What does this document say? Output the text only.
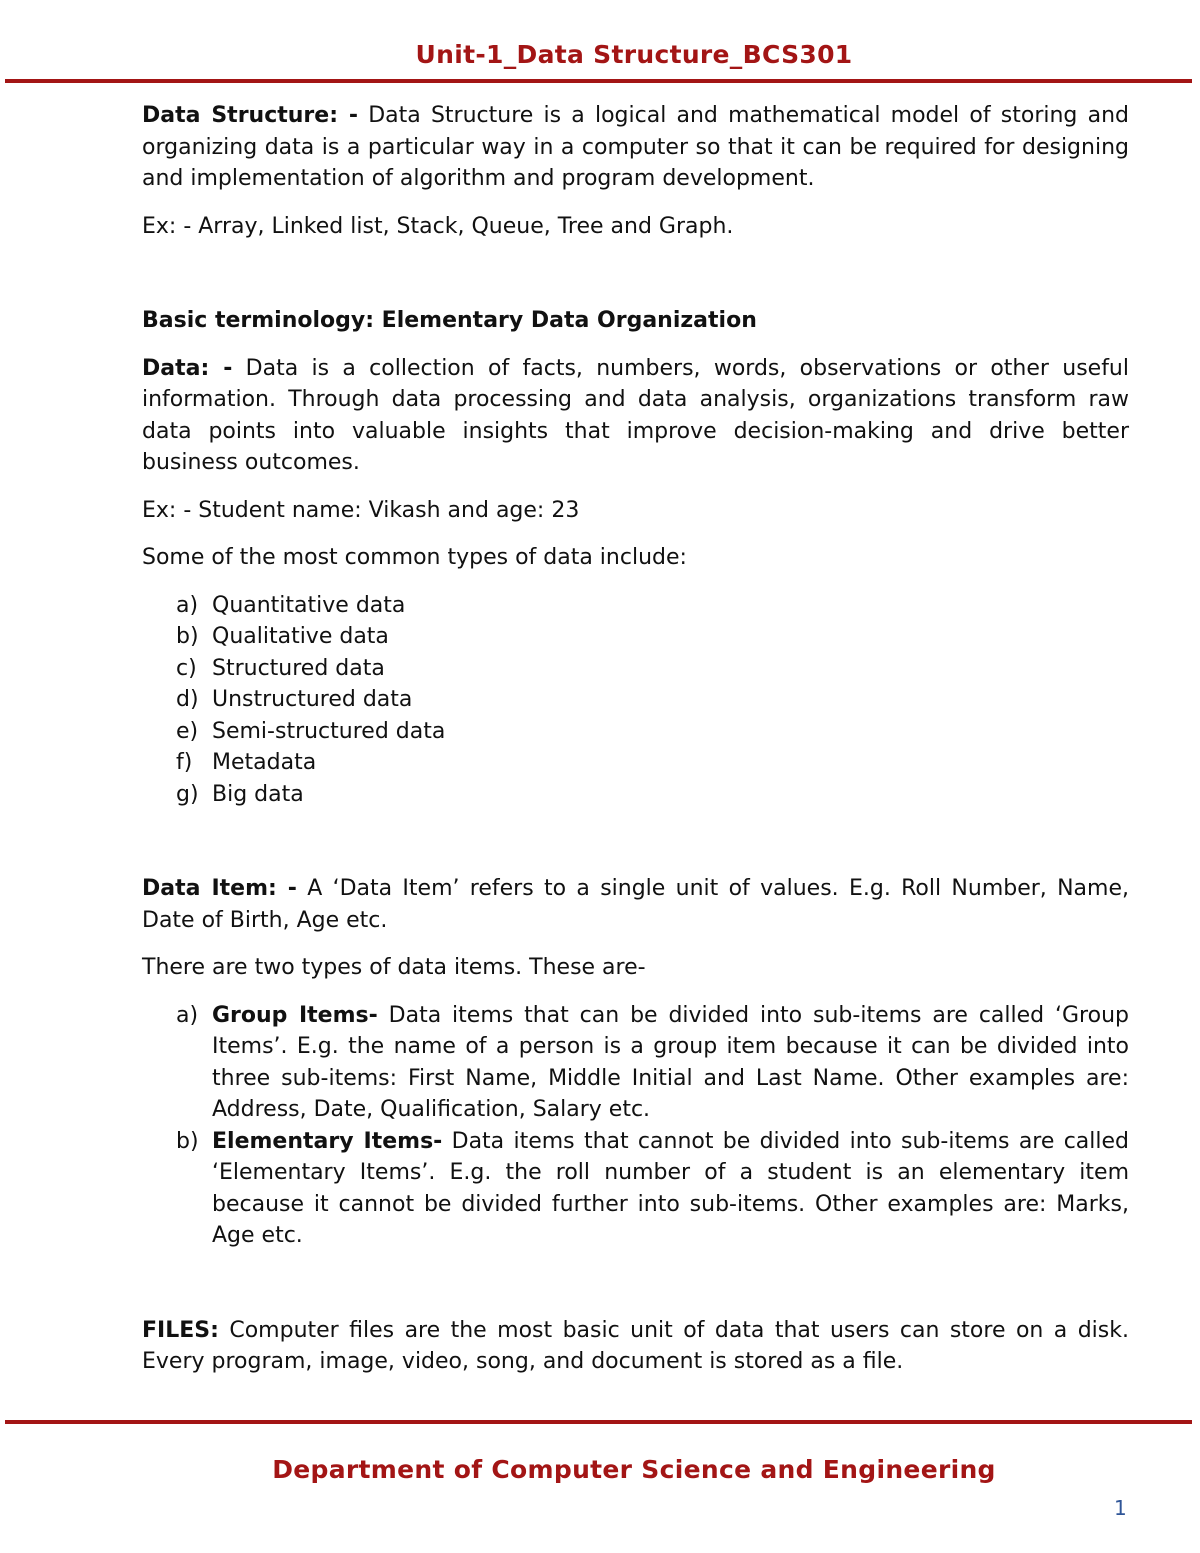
Unit-1_Data Structure_BCS301

Data Structure: - Data Structure is a logical and mathematical model of storing and organizing data is a particular way in a computer so that it can be required for designing and implementation of algorithm and program development.

Ex: - Array, Linked list, Stack, Queue, Tree and Graph.

Basic terminology: Elementary Data Organization

Data: - Data is a collection of facts, numbers, words, observations or other useful information. Through data processing and data analysis, organizations transform raw data points into valuable insights that improve decision-making and drive better business outcomes.

Ex: - Student name: Vikash and age: 23

Some of the most common types of data include:

a) Quantitative data
b) Qualitative data
c) Structured data
d) Unstructured data
e) Semi-structured data
f) Metadata
g) Big data

Data Item: - A ‘Data Item’ refers to a single unit of values. E.g. Roll Number, Name, Date of Birth, Age etc.

There are two types of data items. These are-

a) Group Items- Data items that can be divided into sub-items are called ‘Group Items’. E.g. the name of a person is a group item because it can be divided into three sub-items: First Name, Middle Initial and Last Name. Other examples are: Address, Date, Qualification, Salary etc.
b) Elementary Items- Data items that cannot be divided into sub-items are called ‘Elementary Items’. E.g. the roll number of a student is an elementary item because it cannot be divided further into sub-items. Other examples are: Marks, Age etc.

FILES: Computer files are the most basic unit of data that users can store on a disk. Every program, image, video, song, and document is stored as a file.

Department of Computer Science and Engineering
1
